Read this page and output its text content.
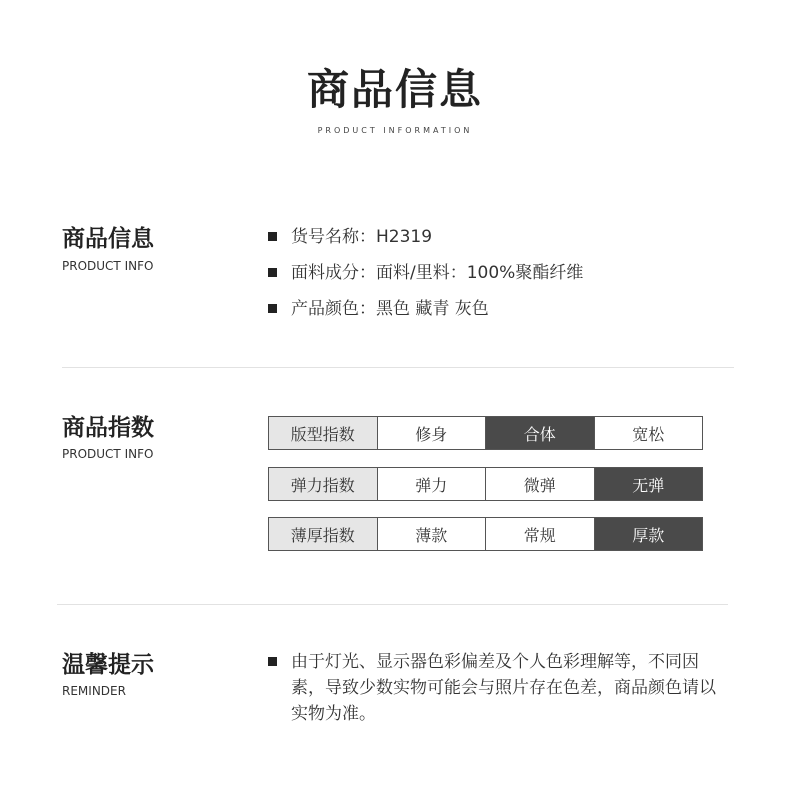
商品信息
PRODUCT INFORMATION
商品信息
PRODUCT INFO
货号名称：H2319
面料成分：面料/里料：100%聚酯纤维
产品颜色：黑色 藏青 灰色
商品指数
PRODUCT INFO
版型指数	修身	合体	宽松
弹力指数	弹力	微弹	无弹
薄厚指数	薄款	常规	厚款
温馨提示
REMINDER
由于灯光、显示器色彩偏差及个人色彩理解等，不同因素，导致少数实物可能会与照片存在色差，商品颜色请以实物为准。
